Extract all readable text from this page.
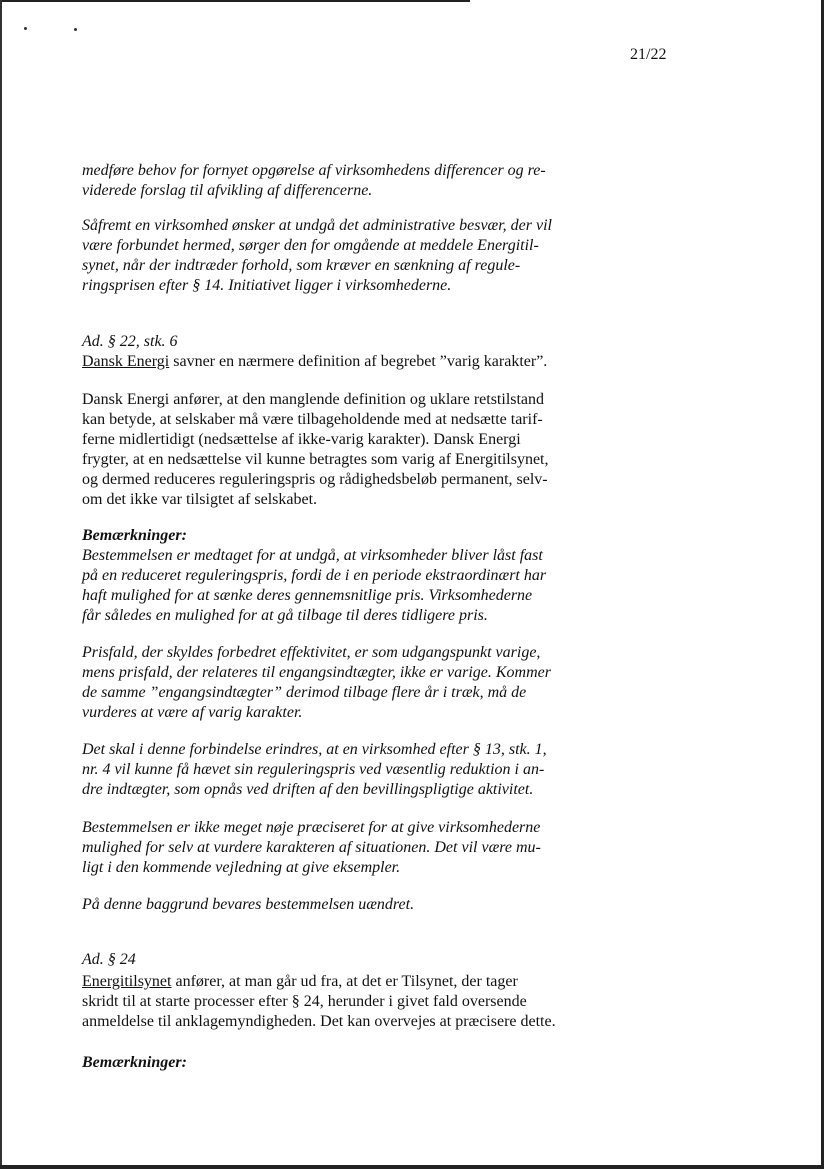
21/22

medføre behov for fornyet opgørelse af virksomhedens differencer og re-

viderede forslag til afvikling af differencerne.

Såfremt en virksomhed ønsker at undgå det administrative besvær, der vil

være forbundet hermed, sørger den for omgående at meddele Energitil-

synet, når der indtræder forhold, som kræver en sænkning af regule-

ringsprisen efter § 14. Initiativet ligger i virksomhederne.

Ad. § 22, stk. 6

Dansk Energi savner en nærmere definition af begrebet ”varig karakter”.

Dansk Energi anfører, at den manglende definition og uklare retstilstand

kan betyde, at selskaber må være tilbageholdende med at nedsætte tarif-

ferne midlertidigt (nedsættelse af ikke-varig karakter). Dansk Energi

frygter, at en nedsættelse vil kunne betragtes som varig af Energitilsynet,

og dermed reduceres reguleringspris og rådighedsbeløb permanent, selv-

om det ikke var tilsigtet af selskabet.

Bemærkninger:

Bestemmelsen er medtaget for at undgå, at virksomheder bliver låst fast

på en reduceret reguleringspris, fordi de i en periode ekstraordinært har

haft mulighed for at sænke deres gennemsnitlige pris. Virksomhederne

får således en mulighed for at gå tilbage til deres tidligere pris.

Prisfald, der skyldes forbedret effektivitet, er som udgangspunkt varige,

mens prisfald, der relateres til engangsindtægter, ikke er varige. Kommer

de samme ”engangsindtægter” derimod tilbage flere år i træk, må de

vurderes at være af varig karakter.

Det skal i denne forbindelse erindres, at en virksomhed efter § 13, stk. 1,

nr. 4 vil kunne få hævet sin reguleringspris ved væsentlig reduktion i an-

dre indtægter, som opnås ved driften af den bevillingspligtige aktivitet.

Bestemmelsen er ikke meget nøje præciseret for at give virksomhederne

mulighed for selv at vurdere karakteren af situationen. Det vil være mu-

ligt i den kommende vejledning at give eksempler.

På denne baggrund bevares bestemmelsen uændret.

Ad. § 24

Energitilsynet anfører, at man går ud fra, at det er Tilsynet, der tager

skridt til at starte processer efter § 24, herunder i givet fald oversende

anmeldelse til anklagemyndigheden. Det kan overvejes at præcisere dette.

Bemærkninger:
